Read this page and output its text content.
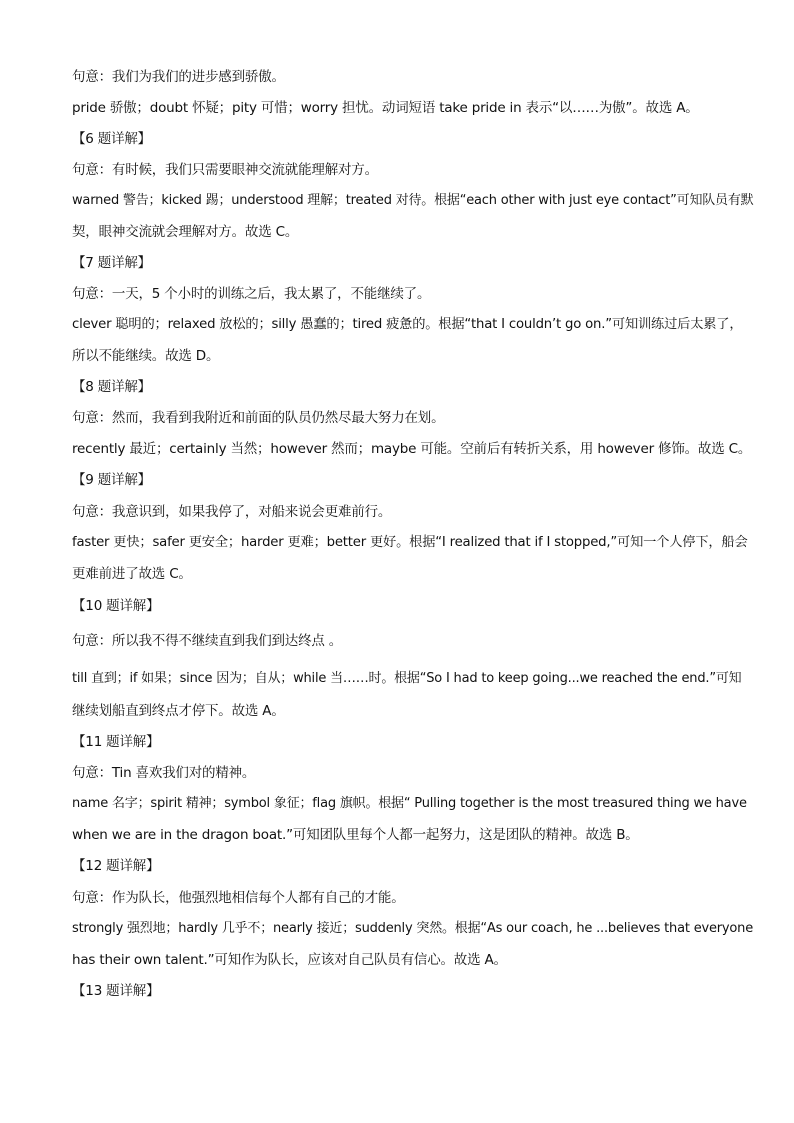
句意：我们为我们的进步感到骄傲。
pride 骄傲；doubt 怀疑；pity 可惜；worry 担忧。动词短语 take pride in 表示“以……为傲”。故选 A。
【6 题详解】
句意：有时候，我们只需要眼神交流就能理解对方。
warned 警告；kicked 踢；understood 理解；treated 对待。根据“each other with just eye contact”可知队员有默
契，眼神交流就会理解对方。故选 C。
【7 题详解】
句意：一天，5 个小时的训练之后，我太累了，不能继续了。
clever 聪明的；relaxed 放松的；silly 愚蠢的；tired 疲惫的。根据“that I couldn’t go on.”可知训练过后太累了，
所以不能继续。故选 D。
【8 题详解】
句意：然而，我看到我附近和前面的队员仍然尽最大努力在划。
recently 最近；certainly 当然；however 然而；maybe 可能。空前后有转折关系，用 however 修饰。故选 C。
【9 题详解】
句意：我意识到，如果我停了，对船来说会更难前行。
faster 更快；safer 更安全；harder 更难；better 更好。根据“I realized that if I stopped,”可知一个人停下，船会
更难前进了故选 C。
【10 题详解】
句意：所以我不得不继续直到我们到达终点 。
till 直到；if 如果；since 因为；自从；while 当……时。根据“So I had to keep going...we reached the end.”可知
继续划船直到终点才停下。故选 A。
【11 题详解】
句意：Tin 喜欢我们对的精神。
name 名字；spirit 精神；symbol 象征；flag 旗帜。根据“ Pulling together is the most treasured thing we have
when we are in the dragon boat.”可知团队里每个人都一起努力，这是团队的精神。故选 B。
【12 题详解】
句意：作为队长，他强烈地相信每个人都有自己的才能。
strongly 强烈地；hardly 几乎不；nearly 接近；suddenly 突然。根据“As our coach, he ...believes that everyone
has their own talent.”可知作为队长，应该对自己队员有信心。故选 A。
【13 题详解】
